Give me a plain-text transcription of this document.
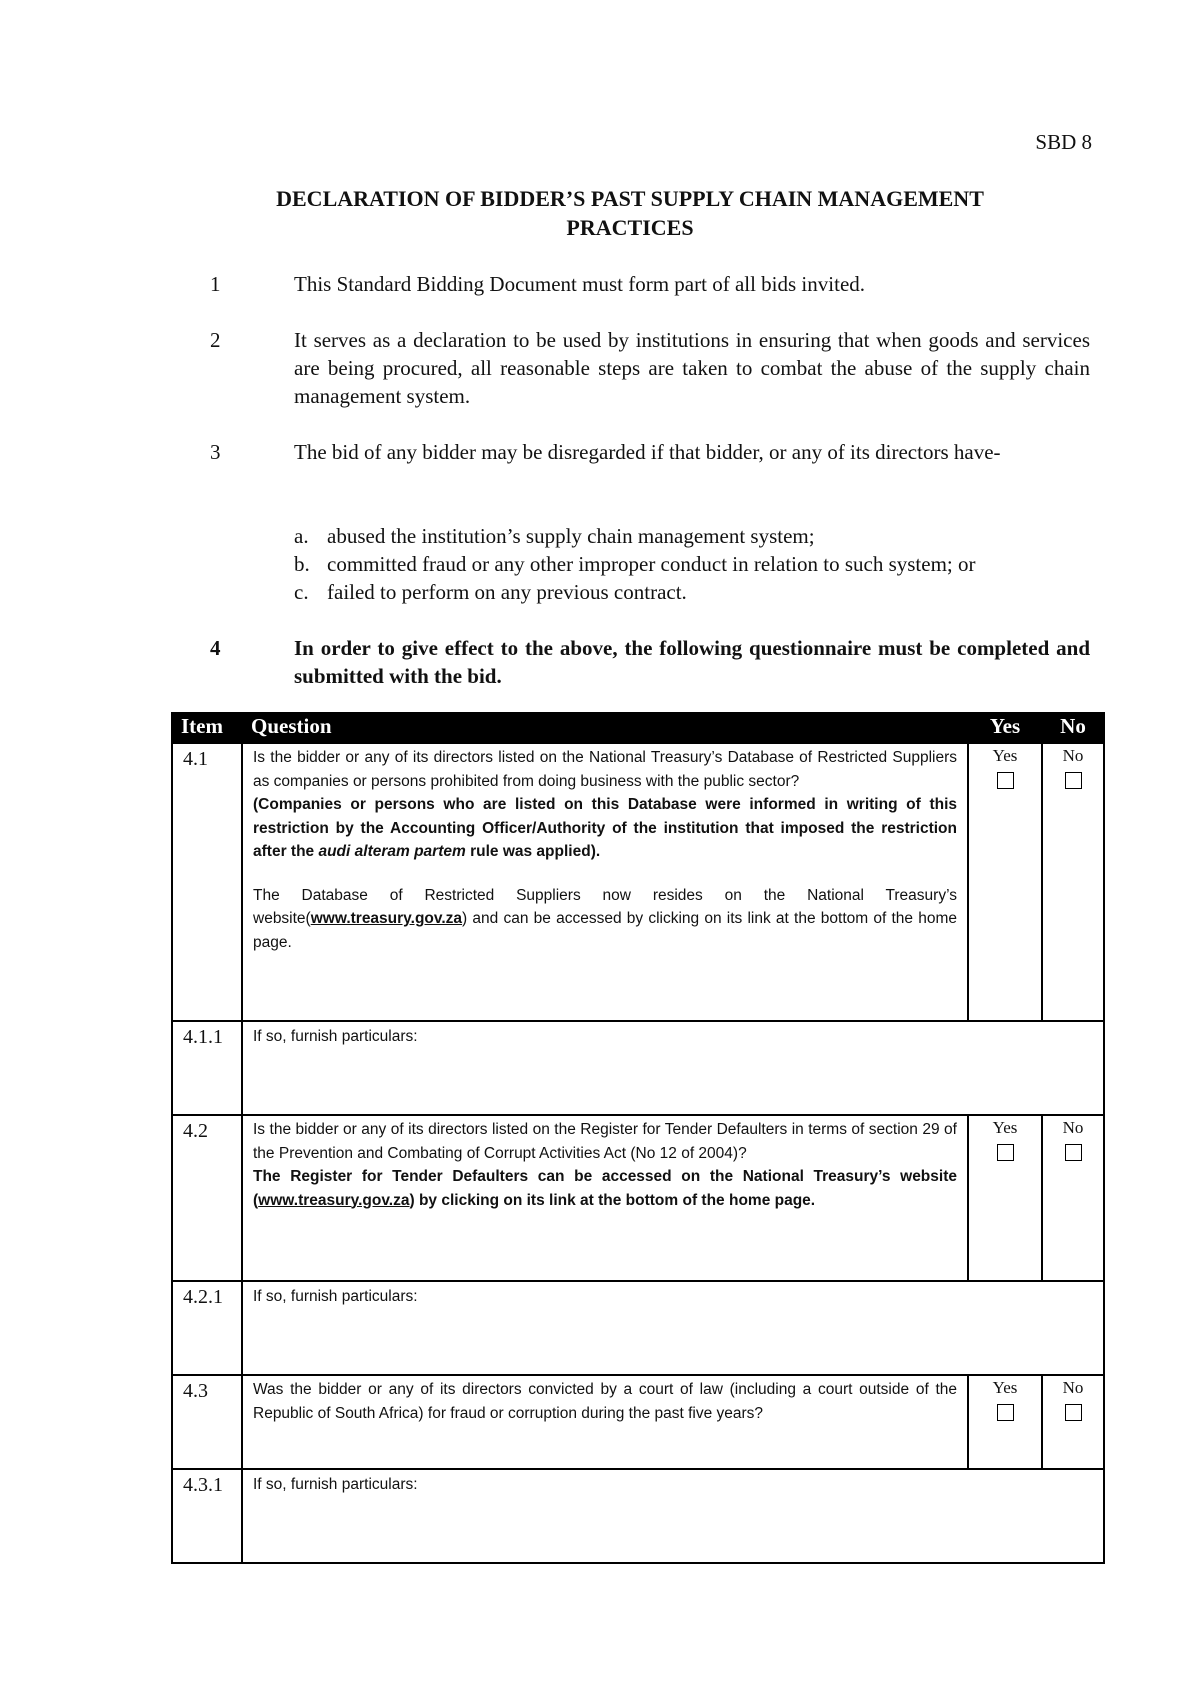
SBD 8
DECLARATION OF BIDDER’S PAST SUPPLY CHAIN MANAGEMENT
PRACTICES
1	This Standard Bidding Document must form part of all bids invited.
2	It serves as a declaration to be used by institutions in ensuring that when goods and services are being procured, all reasonable steps are taken to combat the abuse of the supply chain management system.
3	The bid of any bidder may be disregarded if that bidder, or any of its directors have-
a. abused the institution’s supply chain management system;
b. committed fraud or any other improper conduct in relation to such system; or
c. failed to perform on any previous contract.
4	In order to give effect to the above, the following questionnaire must be completed and submitted with the bid.
Item	Question	Yes	No
4.1	Is the bidder or any of its directors listed on the National Treasury’s Database of Restricted Suppliers as companies or persons prohibited from doing business with the public sector?
(Companies or persons who are listed on this Database were informed in writing of this restriction by the Accounting Officer/Authority of the institution that imposed the restriction after the audi alteram partem rule was applied).
The Database of Restricted Suppliers now resides on the National Treasury’s website(www.treasury.gov.za) and can be accessed by clicking on its link at the bottom of the home page.	Yes	No

4.1.1	If so, furnish particulars:		
4.2	Is the bidder or any of its directors listed on the Register for Tender Defaulters in terms of section 29 of the Prevention and Combating of Corrupt Activities Act (No 12 of 2004)?
The Register for Tender Defaulters can be accessed on the National Treasury’s website (www.treasury.gov.za) by clicking on its link at the bottom of the home page.	Yes	No

4.2.1	If so, furnish particulars:		
4.3	Was the bidder or any of its directors convicted by a court of law (including a court outside of the Republic of South Africa) for fraud or corruption during the past five years?	Yes	No

4.3.1	If so, furnish particulars:		
